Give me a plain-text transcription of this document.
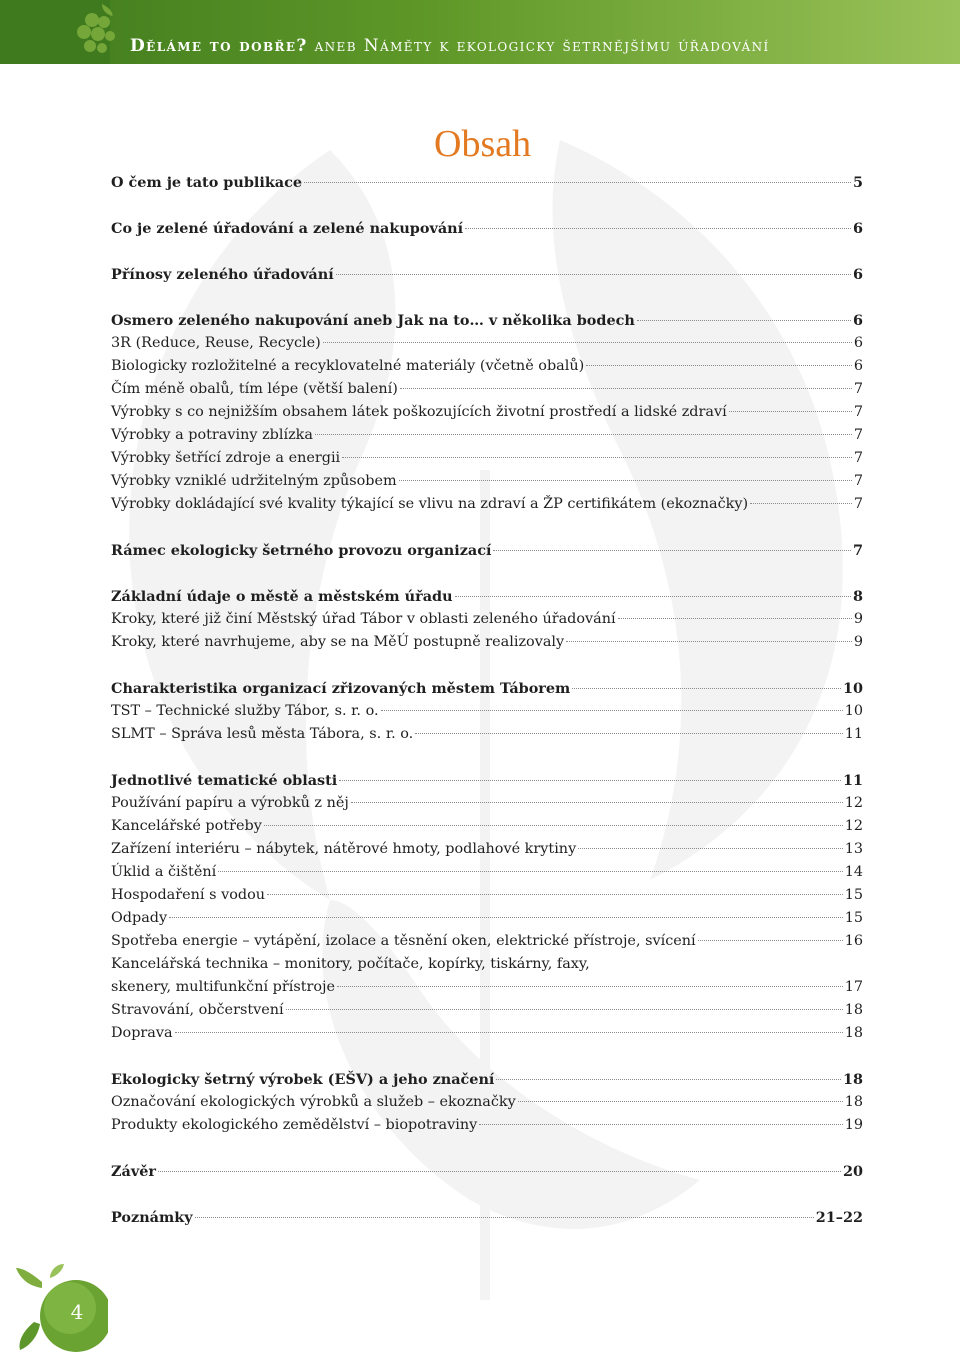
Děláme to dobře? aneb Náměty k ekologicky šetrnějšímu úřadování
Obsah
O čem je tato publikace	5
Co je zelené úřadování a zelené nakupování	6
Přínosy zeleného úřadování	6
Osmero zeleného nakupování aneb Jak na to… v několika bodech	6
3R (Reduce, Reuse, Recycle)	6
Biologicky rozložitelné a recyklovatelné materiály (včetně obalů)	6
Čím méně obalů, tím lépe (větší balení)	7
Výrobky s co nejnižším obsahem látek poškozujících životní prostředí a lidské zdraví	7
Výrobky a potraviny zblízka	7
Výrobky šetřící zdroje a energii	7
Výrobky vzniklé udržitelným způsobem	7
Výrobky dokládající své kvality týkající se vlivu na zdraví a ŽP certifikátem (ekoznačky)	7
Rámec ekologicky šetrného provozu organizací	7
Základní údaje o městě a městském úřadu	8
Kroky, které již činí Městský úřad Tábor v oblasti zeleného úřadování	9
Kroky, které navrhujeme, aby se na MěÚ postupně realizovaly	9
Charakteristika organizací zřizovaných městem Táborem	10
TST – Technické služby Tábor, s. r. o.	10
SLMT – Správa lesů města Tábora, s. r. o.	11
Jednotlivé tematické oblasti	11
Používání papíru a výrobků z něj	12
Kancelářské potřeby	12
Zařízení interiéru – nábytek, nátěrové hmoty, podlahové krytiny	13
Úklid a čištění	14
Hospodaření s vodou	15
Odpady	15
Spotřeba energie – vytápění, izolace a těsnění oken, elektrické přístroje, svícení	16
Kancelářská technika – monitory, počítače, kopírky, tiskárny, faxy,
skenery, multifunkční přístroje	17
Stravování, občerstvení	18
Doprava	18
Ekologicky šetrný výrobek (EŠV) a jeho značení	18
Označování ekologických výrobků a služeb – ekoznačky	18
Produkty ekologického zemědělství – biopotraviny	19
Závěr	20
Poznámky	21–22
4
